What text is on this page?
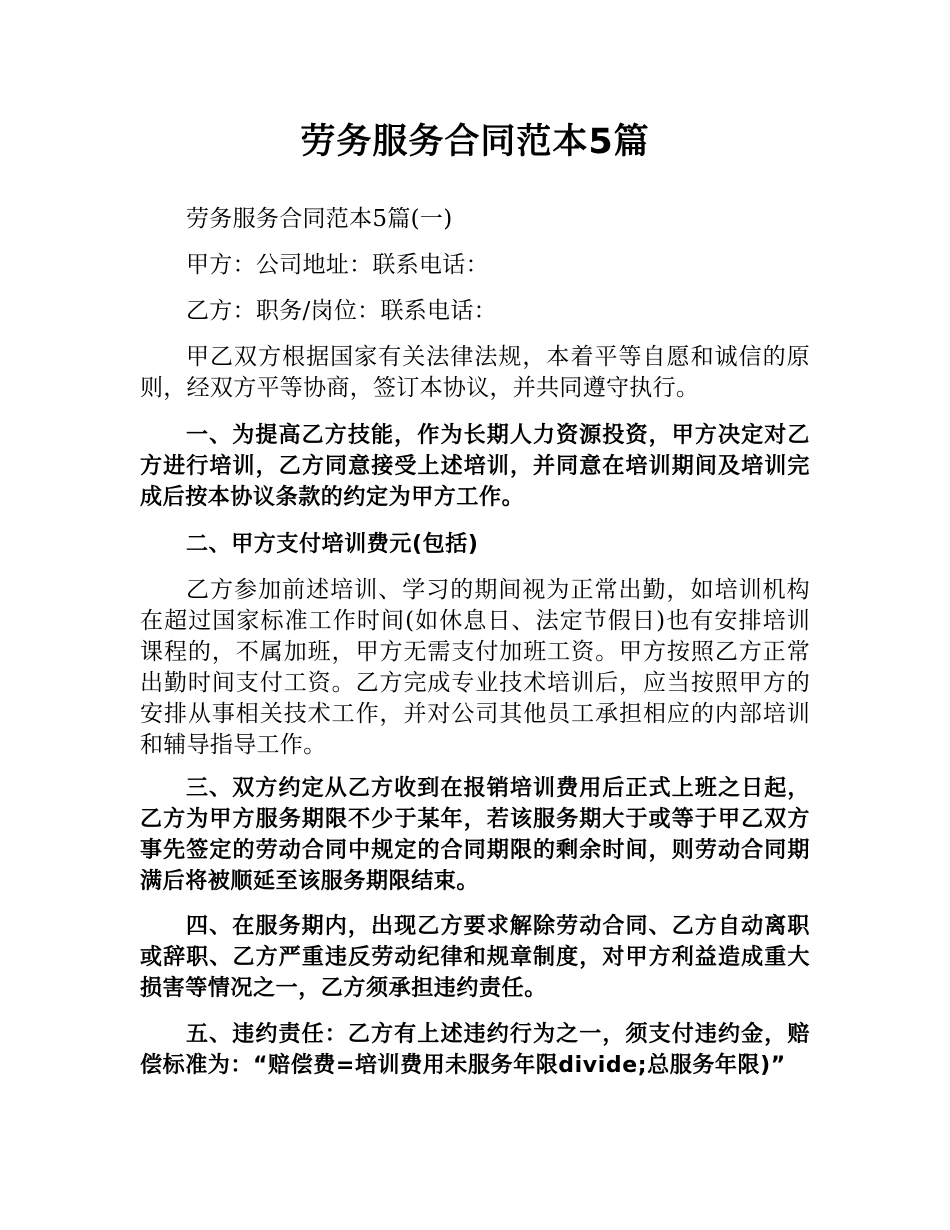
劳务服务合同范本5篇

劳务服务合同范本5篇(一)

甲方：公司地址：联系电话：

乙方：职务/岗位：联系电话：

甲乙双方根据国家有关法律法规，本着平等自愿和诚信的原则，经双方平等协商，签订本协议，并共同遵守执行。

一、为提高乙方技能，作为长期人力资源投资，甲方决定对乙方进行培训，乙方同意接受上述培训，并同意在培训期间及培训完成后按本协议条款的约定为甲方工作。

二、甲方支付培训费元(包括)

乙方参加前述培训、学习的期间视为正常出勤，如培训机构在超过国家标准工作时间(如休息日、法定节假日)也有安排培训课程的，不属加班，甲方无需支付加班工资。甲方按照乙方正常出勤时间支付工资。乙方完成专业技术培训后，应当按照甲方的安排从事相关技术工作，并对公司其他员工承担相应的内部培训和辅导指导工作。

三、双方约定从乙方收到在报销培训费用后正式上班之日起，乙方为甲方服务期限不少于某年，若该服务期大于或等于甲乙双方事先签定的劳动合同中规定的合同期限的剩余时间，则劳动合同期满后将被顺延至该服务期限结束。

四、在服务期内，出现乙方要求解除劳动合同、乙方自动离职或辞职、乙方严重违反劳动纪律和规章制度，对甲方利益造成重大损害等情况之一，乙方须承担违约责任。

五、违约责任：乙方有上述违约行为之一，须支付违约金，赔偿标准为：“赔偿费=培训费用未服务年限divide;总服务年限)”
